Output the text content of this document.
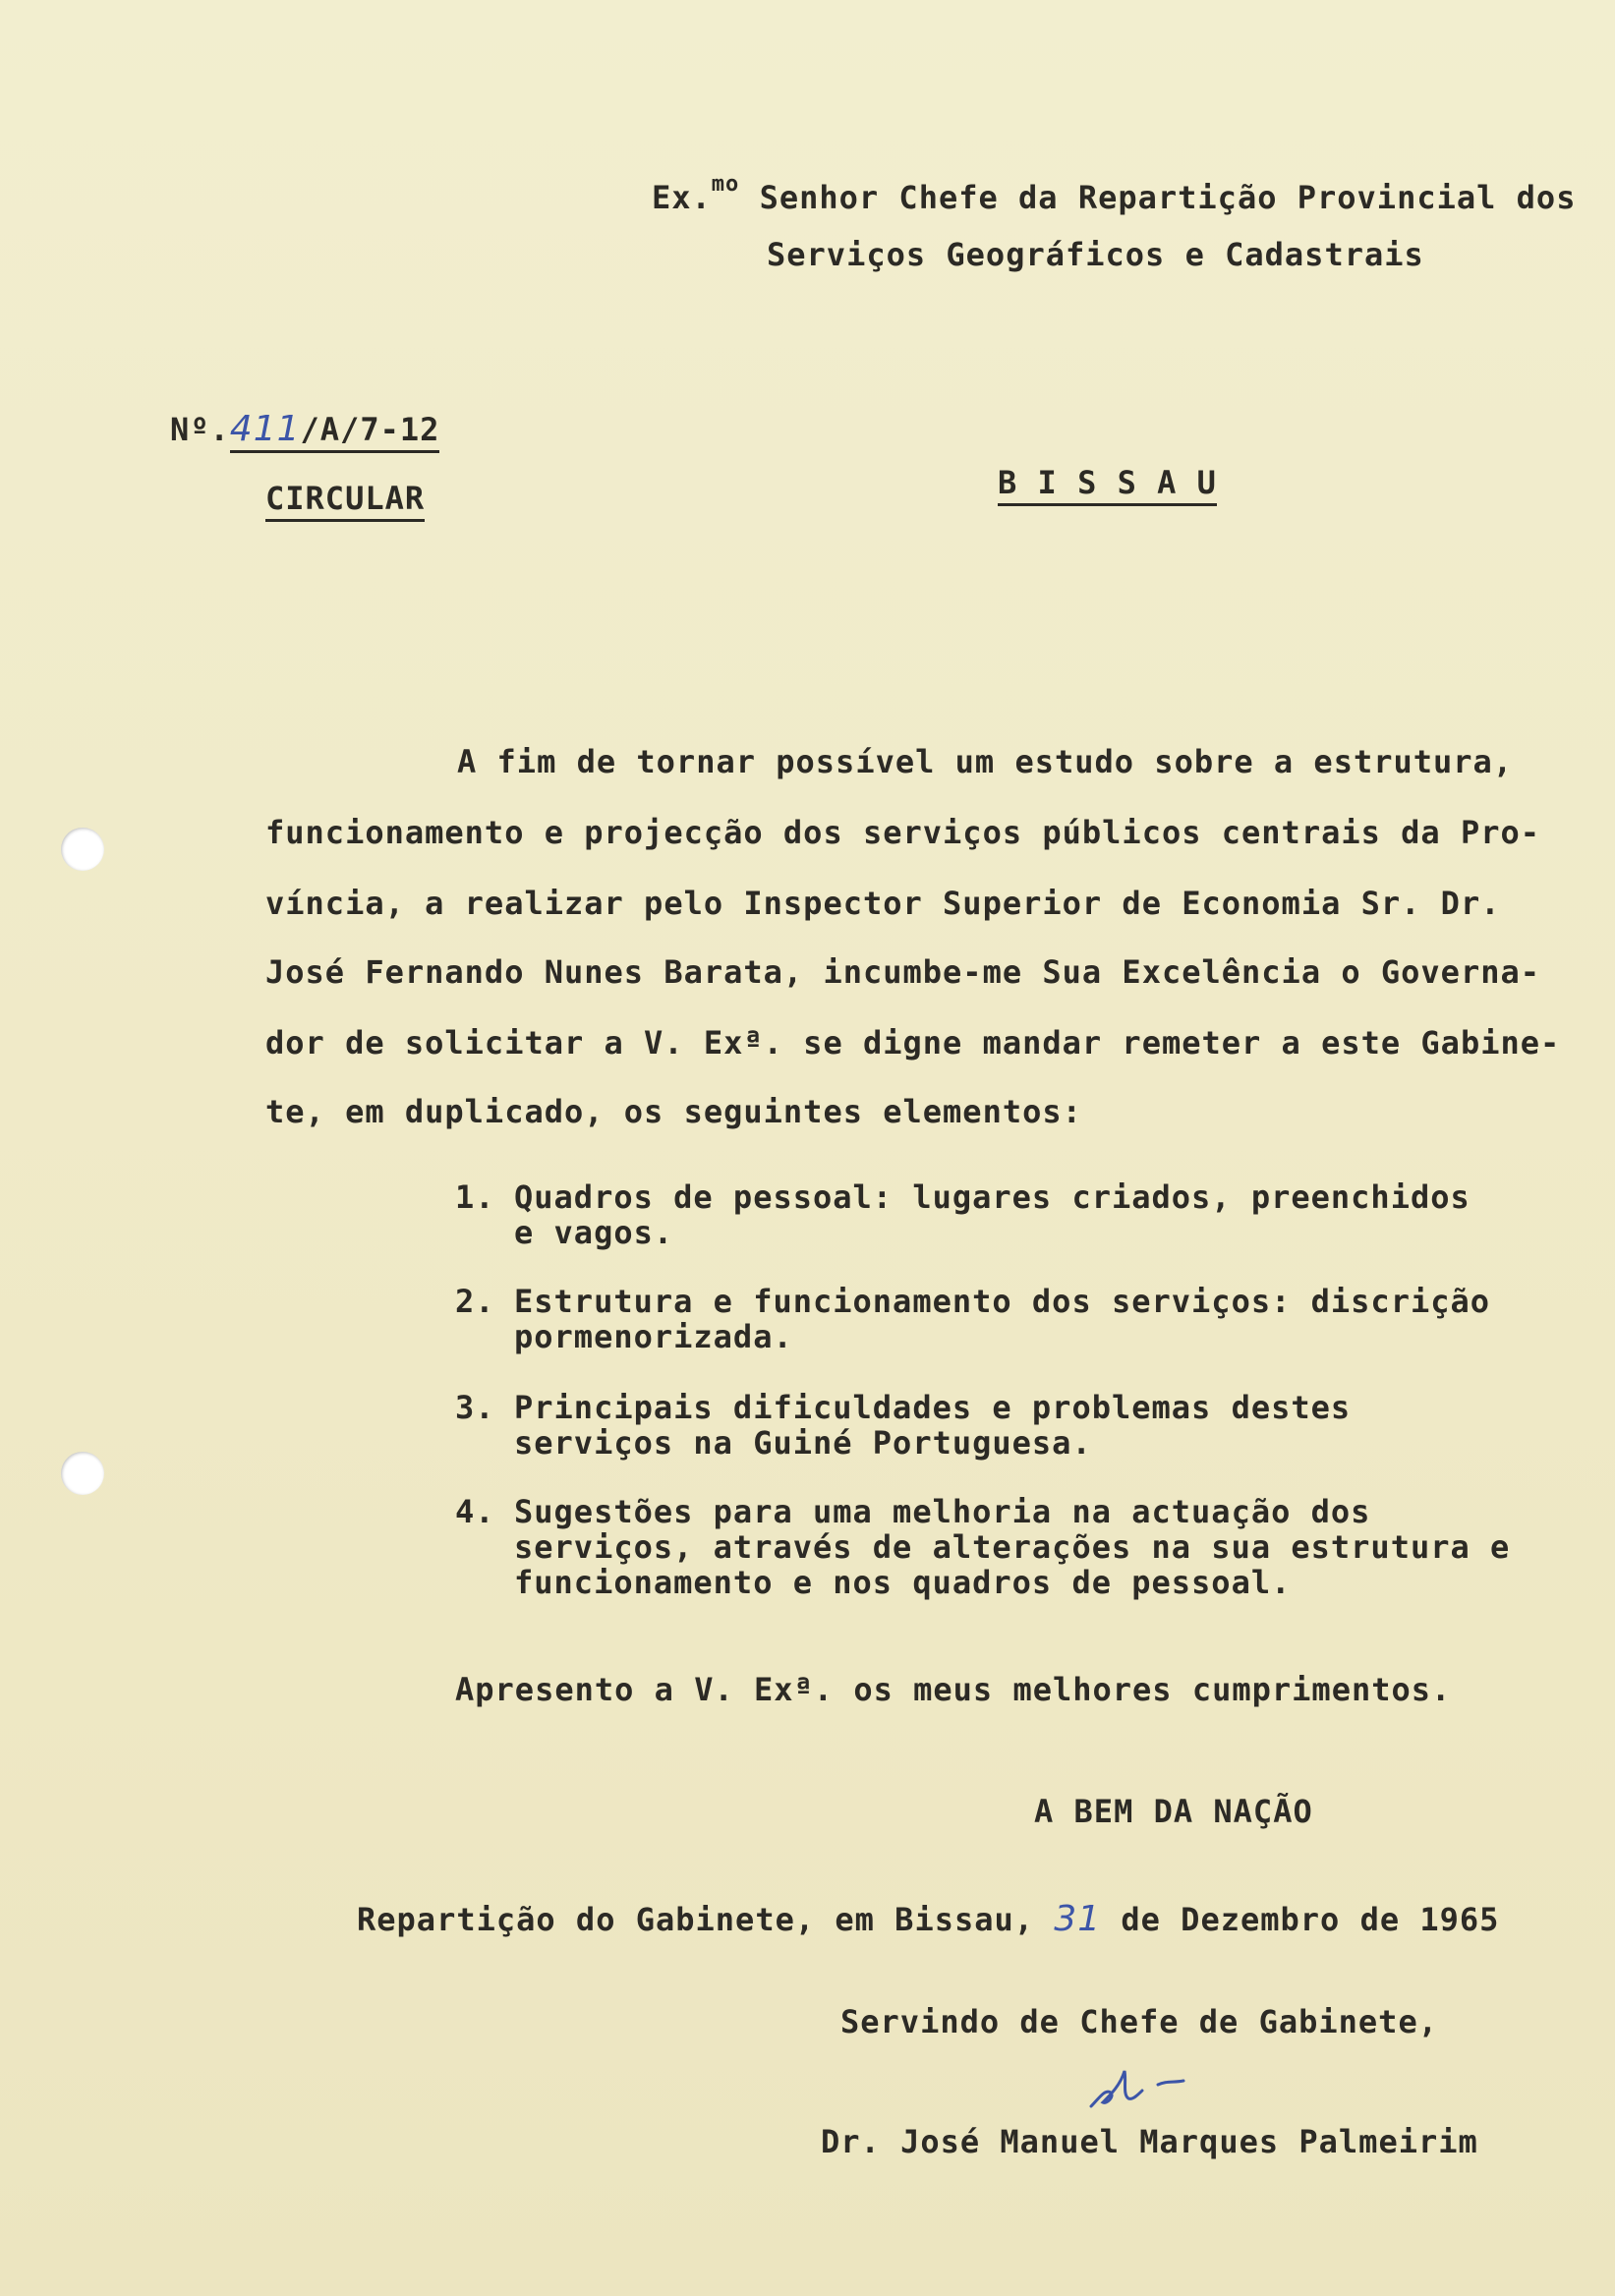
Ex.$^{mo}$ Senhor Chefe da Repartição Provincial dos
Serviços Geográficos e Cadastrais
Nº.411/A/7-12
CIRCULAR	B I S S A U
A fim de tornar possível um estudo sobre a estrutura,
funcionamento e projecção dos serviços públicos centrais da Pro-
víncia, a realizar pelo Inspector Superior de Economia Sr. Dr.
José Fernando Nunes Barata, incumbe-me Sua Excelência o Governa-
dor de solicitar a V. Exª. se digne mandar remeter a este Gabine-
te, em duplicado, os seguintes elementos:
1. Quadros de pessoal: lugares criados, preenchidos e vagos.
2. Estrutura e funcionamento dos serviços: discrição pormenorizada.
3. Principais dificuldades e problemas destes serviços na Guiné Portuguesa.
4. Sugestões para uma melhoria na actuação dos serviços, através de alterações na sua estrutura e funcionamento e nos quadros de pessoal.
Apresento a V. Exª. os meus melhores cumprimentos.
A BEM DA NAÇÃO
Repartição do Gabinete, em Bissau, 31 de Dezembro de 1965
Servindo de Chefe de Gabinete,
Dr. José Manuel Marques Palmeirim
